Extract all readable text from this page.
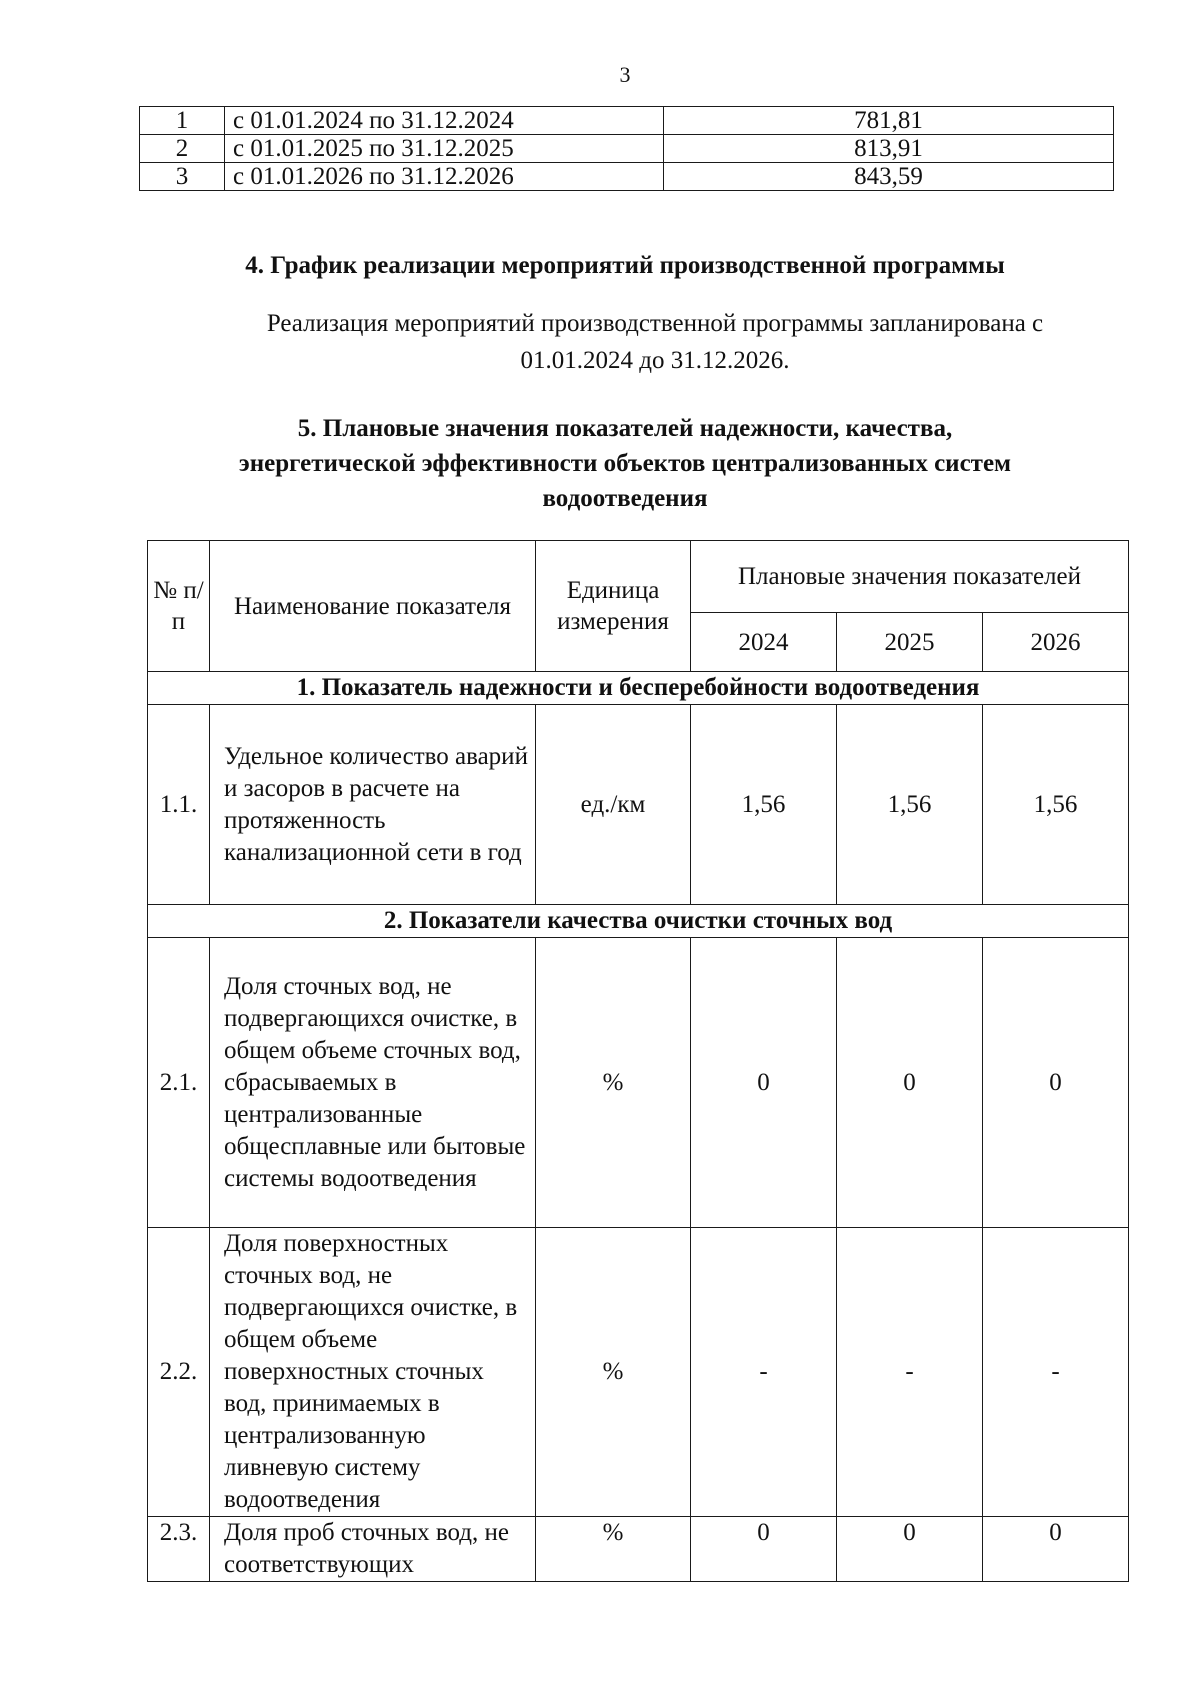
3
1	с 01.01.2024 по 31.12.2024	781,81
2	с 01.01.2025 по 31.12.2025	813,91
3	с 01.01.2026 по 31.12.2026	843,59
4. График реализации мероприятий производственной программы
Реализация мероприятий производственной программы запланирована с
01.01.2024 до 31.12.2026.
5. Плановые значения показателей надежности, качества,
энергетической эффективности объектов централизованных систем
водоотведения
№ п/п	Наименование показателя	Единица измерения	Плановые значения показателей		
			2024	2025	2026
1. Показатель надежности и бесперебойности водоотведения					
1.1.	Удельное количество аварий и засоров в расчете на протяженность канализационной сети в год	ед./км	1,56	1,56	1,56
2. Показатели качества очистки сточных вод					
2.1.	Доля сточных вод, не подвергающихся очистке, в общем объеме сточных вод, сбрасываемых в централизованные общесплавные или бытовые системы водоотведения	%	0	0	0
2.2.	Доля поверхностных сточных вод, не подвергающихся очистке, в общем объеме поверхностных сточных вод, принимаемых в централизованную ливневую систему водоотведения	%	-	-	-
2.3.	Доля проб сточных вод, не соответствующих	%	0	0	0
